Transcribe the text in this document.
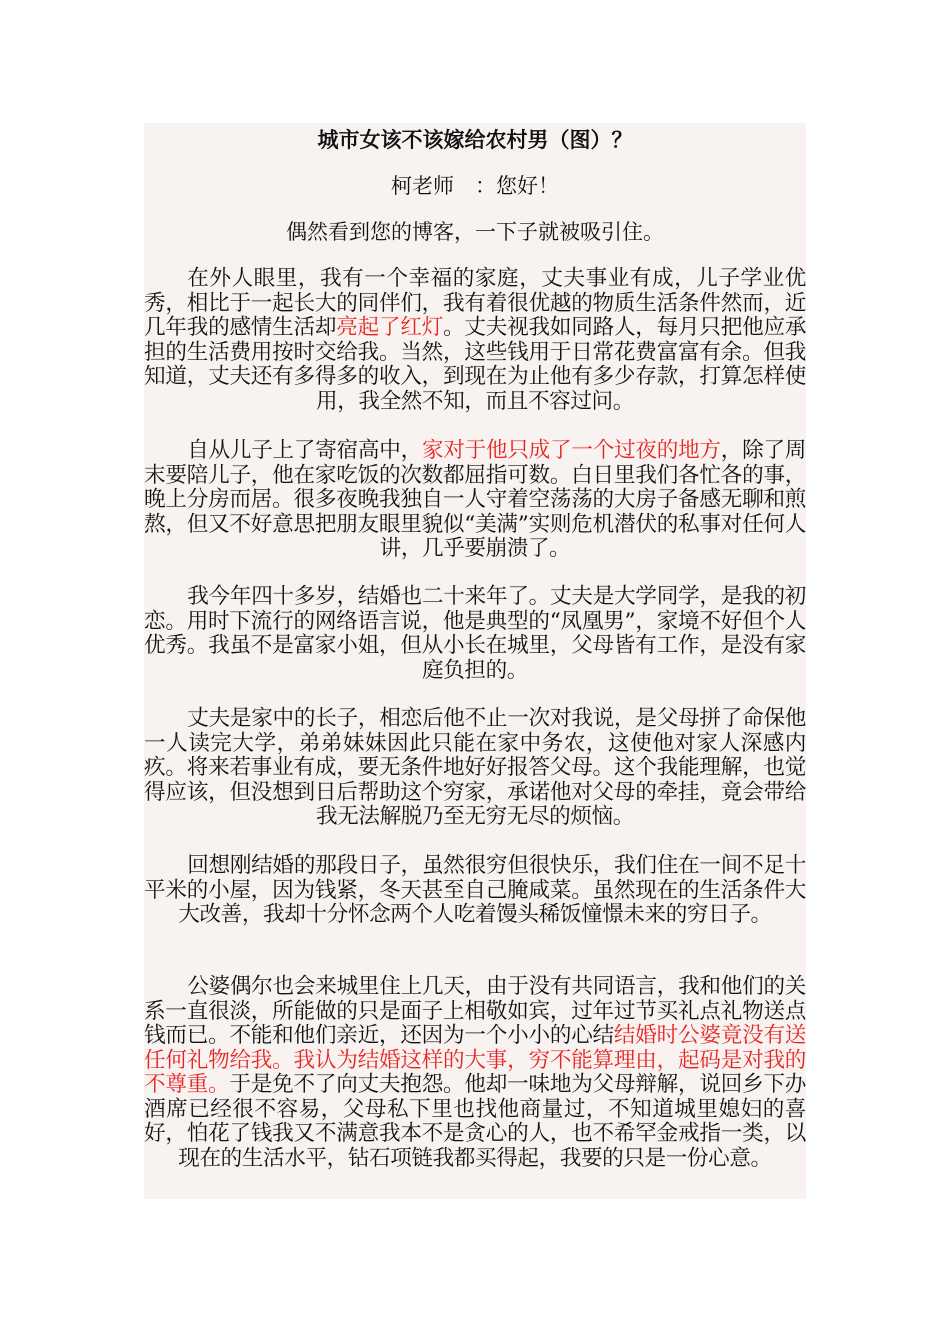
城市女该不该嫁给农村男（图）？

柯老师　：您好！

偶然看到您的博客，一下子就被吸引住。

在外人眼里，我有一个幸福的家庭，丈夫事业有成，儿子学业优秀，相比于一起长大的同伴们，我有着很优越的物质生活条件然而，近几年我的感情生活却亮起了红灯。丈夫视我如同路人，每月只把他应承担的生活费用按时交给我。当然，这些钱用于日常花费富富有余。但我知道，丈夫还有多得多的收入，到现在为止他有多少存款，打算怎样使用，我全然不知，而且不容过问。

自从儿子上了寄宿高中，家对于他只成了一个过夜的地方，除了周末要陪儿子，他在家吃饭的次数都屈指可数。白日里我们各忙各的事，晚上分房而居。很多夜晚我独自一人守着空荡荡的大房子备感无聊和煎熬，但又不好意思把朋友眼里貌似“美满”实则危机潜伏的私事对任何人讲，几乎要崩溃了。

我今年四十多岁，结婚也二十来年了。丈夫是大学同学，是我的初恋。用时下流行的网络语言说，他是典型的“凤凰男”，家境不好但个人优秀。我虽不是富家小姐，但从小长在城里，父母皆有工作，是没有家庭负担的。

丈夫是家中的长子，相恋后他不止一次对我说，是父母拼了命保他一人读完大学，弟弟妹妹因此只能在家中务农，这使他对家人深感内疚。将来若事业有成，要无条件地好好报答父母。这个我能理解，也觉得应该，但没想到日后帮助这个穷家，承诺他对父母的牵挂，竟会带给我无法解脱乃至无穷无尽的烦恼。

回想刚结婚的那段日子，虽然很穷但很快乐，我们住在一间不足十平米的小屋，因为钱紧，冬天甚至自己腌咸菜。虽然现在的生活条件大大改善，我却十分怀念两个人吃着馒头稀饭憧憬未来的穷日子。

公婆偶尔也会来城里住上几天，由于没有共同语言，我和他们的关系一直很淡，所能做的只是面子上相敬如宾，过年过节买礼点礼物送点钱而已。不能和他们亲近，还因为一个小小的心结结婚时公婆竟没有送任何礼物给我。我认为结婚这样的大事，穷不能算理由，起码是对我的不尊重。于是免不了向丈夫抱怨。他却一味地为父母辩解，说回乡下办酒席已经很不容易，父母私下里也找他商量过，不知道城里媳妇的喜好，怕花了钱我又不满意我本不是贪心的人，也不希罕金戒指一类，以现在的生活水平，钻石项链我都买得起，我要的只是一份心意。
